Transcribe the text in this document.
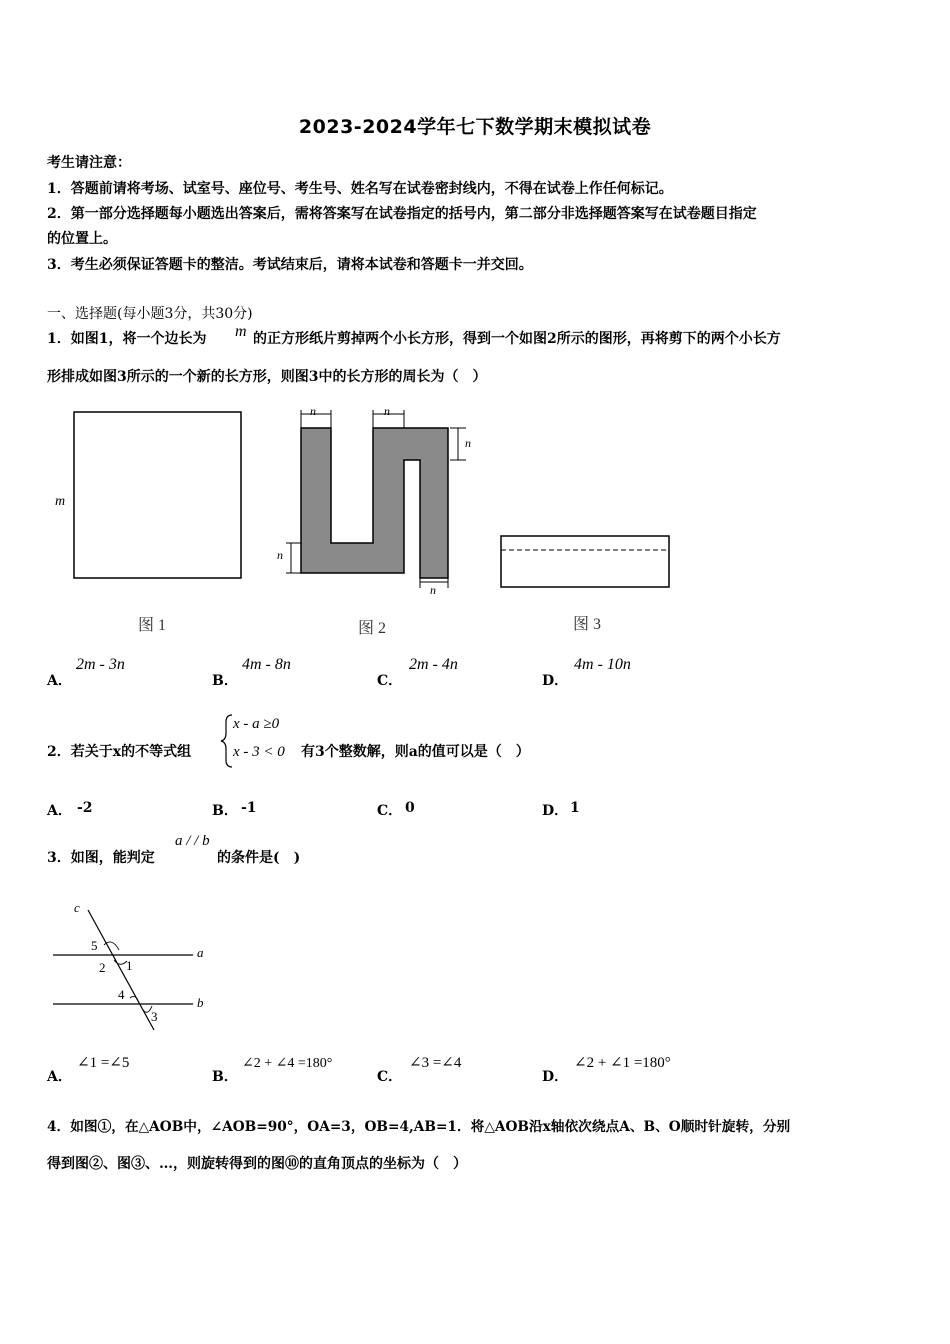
2023-2024学年七下数学期末模拟试卷
考生请注意：
1．答题前请将考场、试室号、座位号、考生号、姓名写在试卷密封线内，不得在试卷上作任何标记。
2．第一部分选择题每小题选出答案后，需将答案写在试卷指定的括号内，第二部分非选择题答案写在试卷题目指定
的位置上。
3．考生必须保证答题卡的整洁。考试结束后，请将本试卷和答题卡一并交回。
一、选择题(每小题3分，共30分)
1．如图1，将一个边长为 m 的正方形纸片剪掉两个小长方形，得到一个如图2所示的图形，再将剪下的两个小长方
形排成如图3所示的一个新的长方形，则图3中的长方形的周长为（　）
m
n	n
n
n
n
图 1	图 2	图 3
A．
2m - 3n
B．
4m - 8n
C．
2m - 4n
D．
4m - 10n
2．若关于x的不等式组
x - a ≥0
x - 3 < 0 有3个整数解，则a的值可以是（　）
A． -2	B． -1	C． 0	D． 1
3．如图，能判定
a / / b
的条件是(　)
c
a
b
5
2 1
4
3
A．
∠1 =∠5
B．
∠2 + ∠4 =180°
C．
∠3 =∠4
D．
∠2 + ∠1 =180°
4．如图①，在△AOB中，∠AOB=90°，OA=3，OB=4,AB=1．将△AOB沿x轴依次绕点A、B、O顺时针旋转，分别
得到图②、图③、…，则旋转得到的图⑩的直角顶点的坐标为（　）
